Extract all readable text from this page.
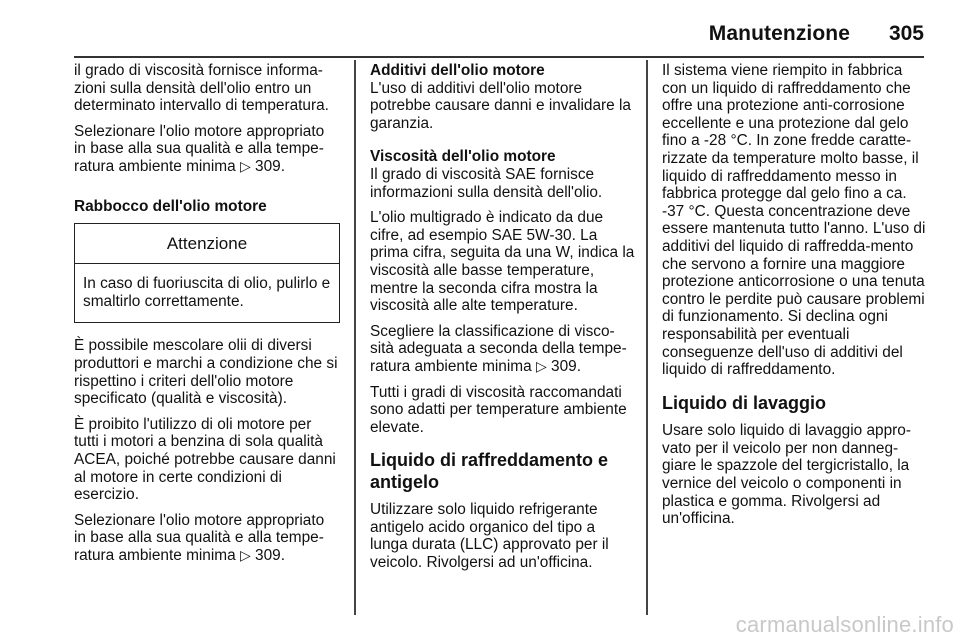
Manutenzione 305

il grado di viscosità fornisce informa-zioni sulla densità dell'olio entro un determinato intervallo di temperatura.

Selezionare l'olio motore appropriato in base alla sua qualità e alla tempe-ratura ambiente minima ▷ 309.

Rabbocco dell'olio motore

Attenzione
In caso di fuoriuscita di olio, pulirlo e smaltirlo correttamente.

È possibile mescolare olii di diversi produttori e marchi a condizione che si rispettino i criteri dell'olio motore specificato (qualità e viscosità).

È proibito l'utilizzo di oli motore per tutti i motori a benzina di sola qualità ACEA, poiché potrebbe causare danni al motore in certe condizioni di esercizio.

Selezionare l'olio motore appropriato in base alla sua qualità e alla tempe-ratura ambiente minima ▷ 309.

Additivi dell'olio motore

L'uso di additivi dell'olio motore potrebbe causare danni e invalidare la garanzia.

Viscosità dell'olio motore

Il grado di viscosità SAE fornisce informazioni sulla densità dell'olio.

L'olio multigrado è indicato da due cifre, ad esempio SAE 5W-30. La prima cifra, seguita da una W, indica la viscosità alle basse temperature, mentre la seconda cifra mostra la viscosità alle alte temperature.

Scegliere la classificazione di visco-sità adeguata a seconda della tempe-ratura ambiente minima ▷ 309.

Tutti i gradi di viscosità raccomandati sono adatti per temperature ambiente elevate.

Liquido di raffreddamento e antigelo

Utilizzare solo liquido refrigerante antigelo acido organico del tipo a lunga durata (LLC) approvato per il veicolo. Rivolgersi ad un'officina.

Il sistema viene riempito in fabbrica con un liquido di raffreddamento che offre una protezione anti-corrosione eccellente e una protezione dal gelo fino a -28 °C. In zone fredde caratte-rizzate da temperature molto basse, il liquido di raffreddamento messo in fabbrica protegge dal gelo fino a ca. -37 °C. Questa concentrazione deve essere mantenuta tutto l'anno. L'uso di additivi del liquido di raffredda-mento che servono a fornire una maggiore protezione anticorrosione o una tenuta contro le perdite può causare problemi di funzionamento. Si declina ogni responsabilità per eventuali conseguenze dell'uso di additivi del liquido di raffreddamento.

Liquido di lavaggio

Usare solo liquido di lavaggio appro-vato per il veicolo per non danneg-giare le spazzole del tergicristallo, la vernice del veicolo o componenti in plastica e gomma. Rivolgersi ad un'officina.

carmanualsonline.info
